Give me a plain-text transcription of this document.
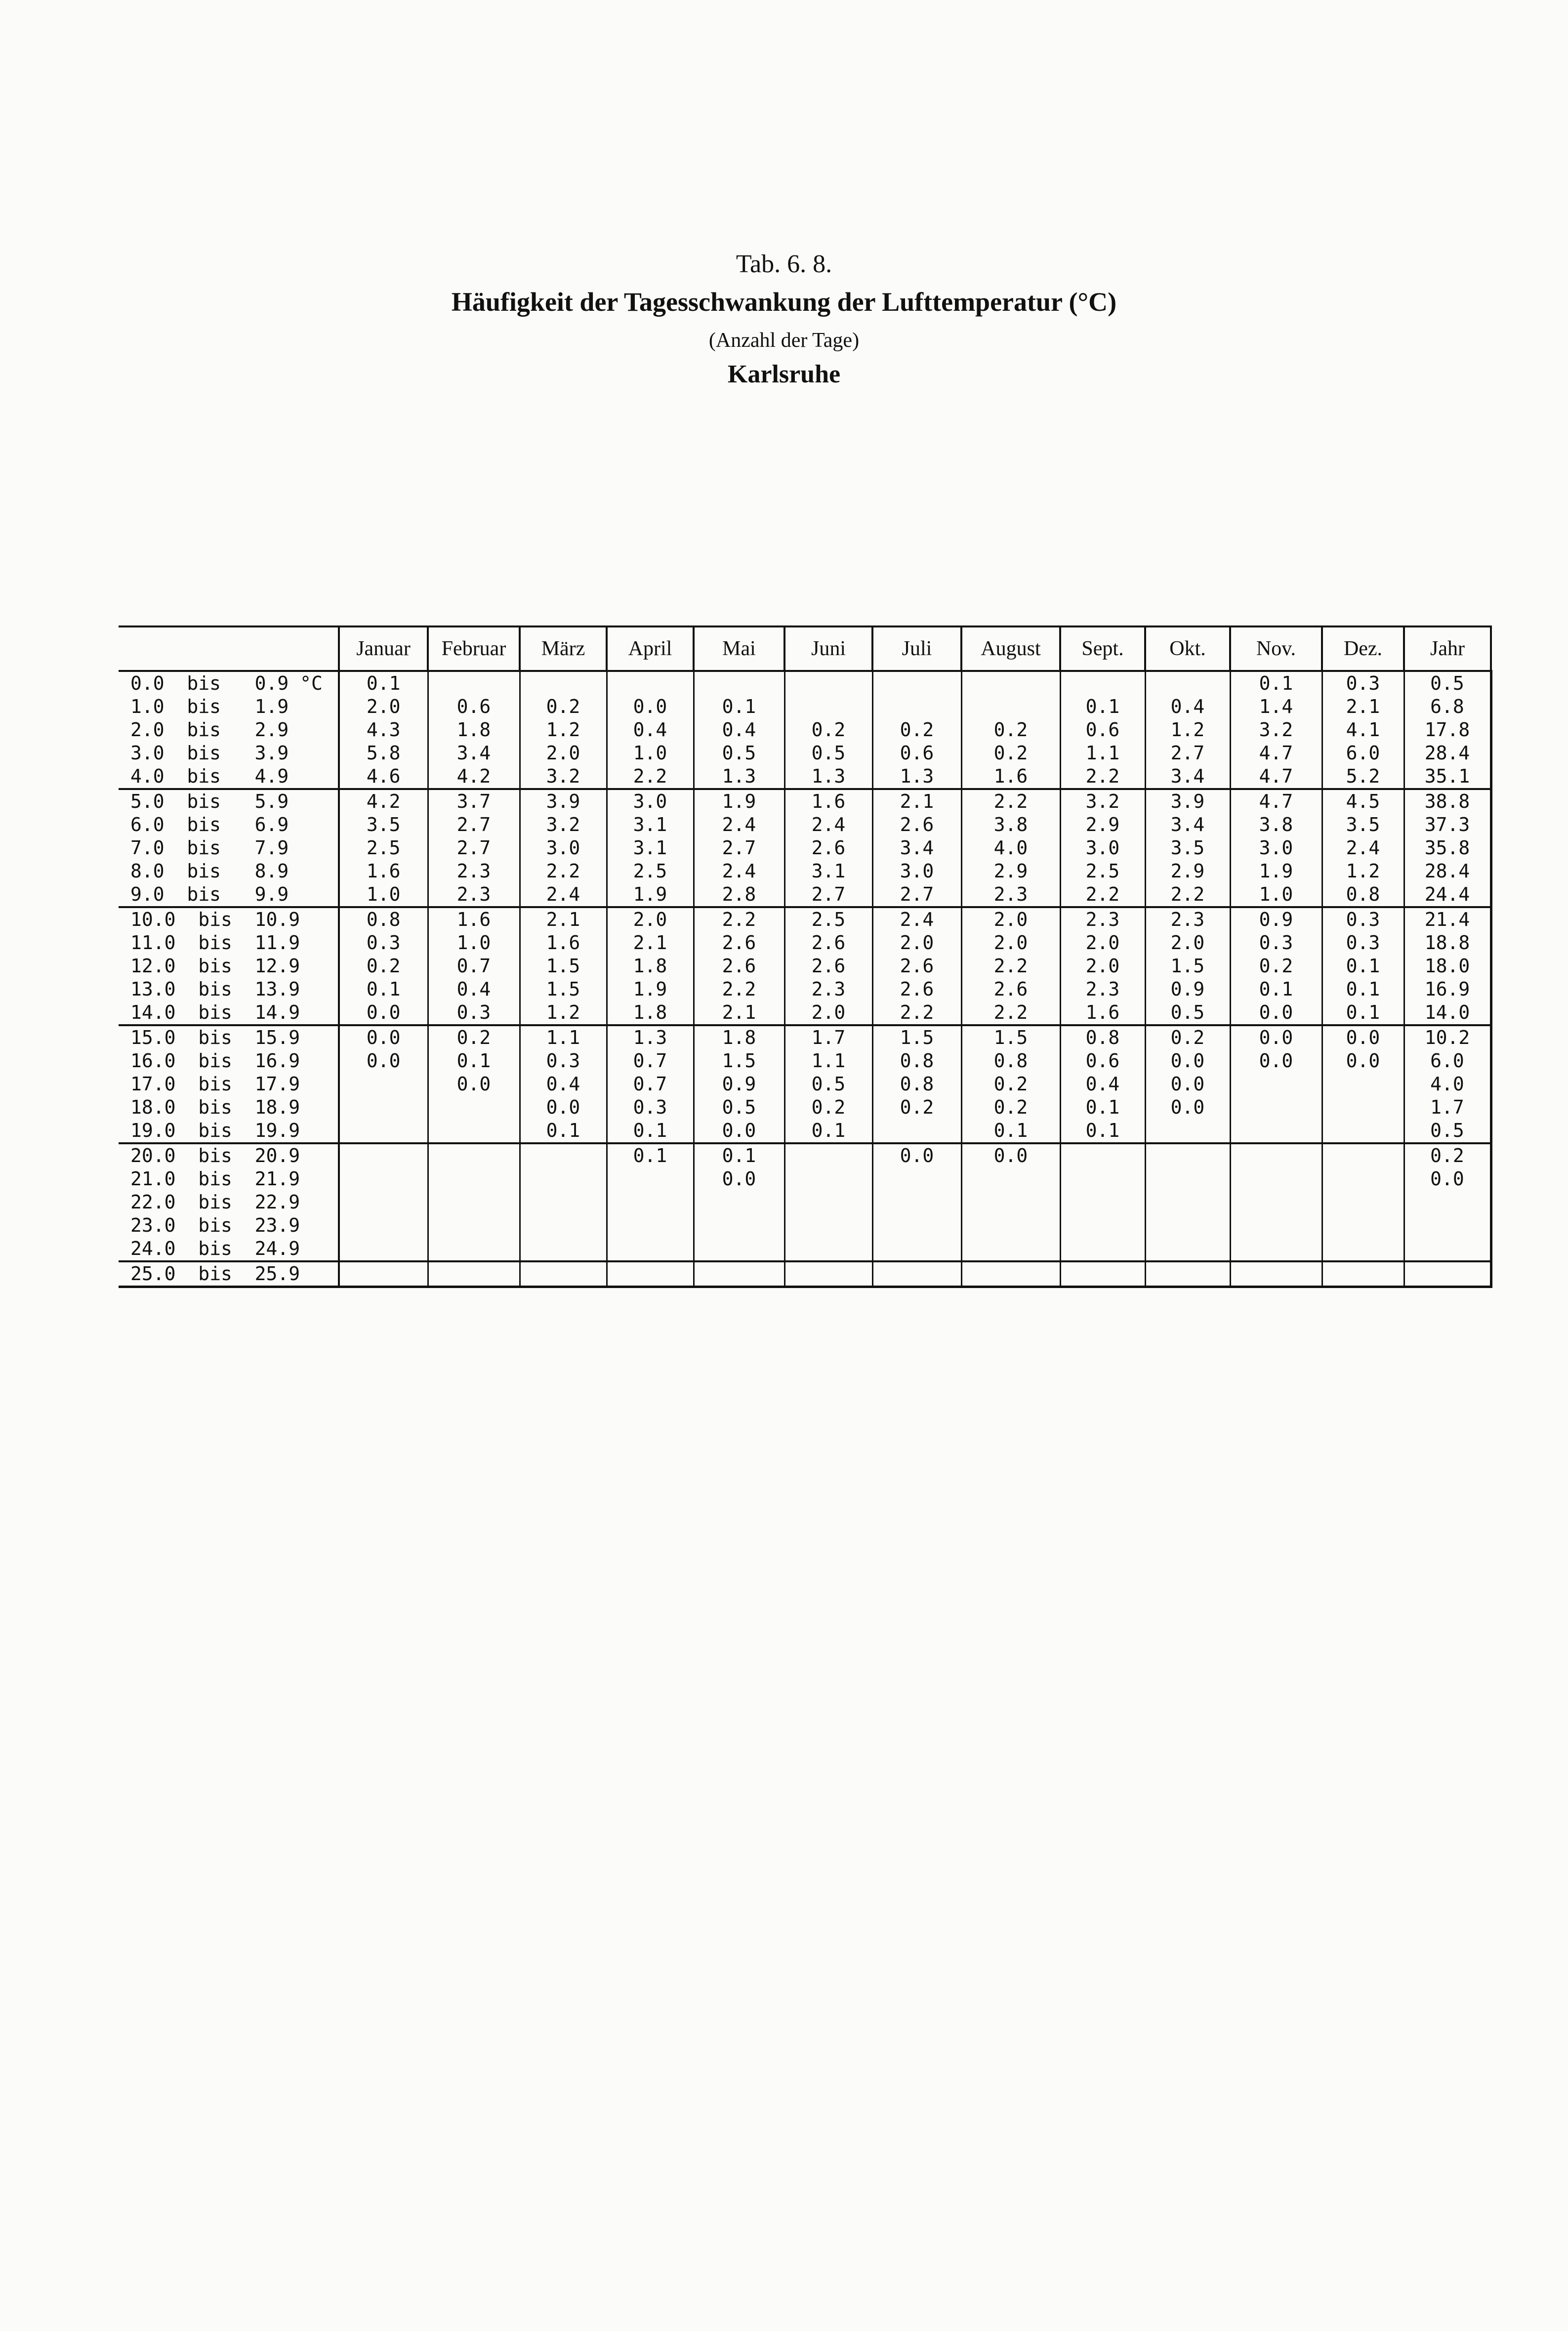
Tab. 6. 8.
Häufigkeit der Tagesschwankung der Lufttemperatur (°C)
(Anzahl der Tage)
Karlsruhe
	Januar	Februar	März	April	Mai	Juni	Juli	August	Sept.	Okt.	Nov.	Dez.	Jahr
0.0  bis   0.9 °C	0.1										0.1	0.3	0.5
1.0  bis   1.9	2.0	0.6	0.2	0.0	0.1				0.1	0.4	1.4	2.1	6.8
2.0  bis   2.9	4.3	1.8	1.2	0.4	0.4	0.2	0.2	0.2	0.6	1.2	3.2	4.1	17.8
3.0  bis   3.9	5.8	3.4	2.0	1.0	0.5	0.5	0.6	0.2	1.1	2.7	4.7	6.0	28.4
4.0  bis   4.9	4.6	4.2	3.2	2.2	1.3	1.3	1.3	1.6	2.2	3.4	4.7	5.2	35.1
5.0  bis   5.9	4.2	3.7	3.9	3.0	1.9	1.6	2.1	2.2	3.2	3.9	4.7	4.5	38.8
6.0  bis   6.9	3.5	2.7	3.2	3.1	2.4	2.4	2.6	3.8	2.9	3.4	3.8	3.5	37.3
7.0  bis   7.9	2.5	2.7	3.0	3.1	2.7	2.6	3.4	4.0	3.0	3.5	3.0	2.4	35.8
8.0  bis   8.9	1.6	2.3	2.2	2.5	2.4	3.1	3.0	2.9	2.5	2.9	1.9	1.2	28.4
9.0  bis   9.9	1.0	2.3	2.4	1.9	2.8	2.7	2.7	2.3	2.2	2.2	1.0	0.8	24.4
10.0  bis  10.9	0.8	1.6	2.1	2.0	2.2	2.5	2.4	2.0	2.3	2.3	0.9	0.3	21.4
11.0  bis  11.9	0.3	1.0	1.6	2.1	2.6	2.6	2.0	2.0	2.0	2.0	0.3	0.3	18.8
12.0  bis  12.9	0.2	0.7	1.5	1.8	2.6	2.6	2.6	2.2	2.0	1.5	0.2	0.1	18.0
13.0  bis  13.9	0.1	0.4	1.5	1.9	2.2	2.3	2.6	2.6	2.3	0.9	0.1	0.1	16.9
14.0  bis  14.9	0.0	0.3	1.2	1.8	2.1	2.0	2.2	2.2	1.6	0.5	0.0	0.1	14.0
15.0  bis  15.9	0.0	0.2	1.1	1.3	1.8	1.7	1.5	1.5	0.8	0.2	0.0	0.0	10.2
16.0  bis  16.9	0.0	0.1	0.3	0.7	1.5	1.1	0.8	0.8	0.6	0.0	0.0	0.0	6.0
17.0  bis  17.9		0.0	0.4	0.7	0.9	0.5	0.8	0.2	0.4	0.0			4.0
18.0  bis  18.9			0.0	0.3	0.5	0.2	0.2	0.2	0.1	0.0			1.7
19.0  bis  19.9			0.1	0.1	0.0	0.1		0.1	0.1				0.5
20.0  bis  20.9				0.1	0.1		0.0	0.0					0.2
21.0  bis  21.9					0.0								0.0
22.0  bis  22.9													
23.0  bis  23.9													
24.0  bis  24.9													
25.0  bis  25.9													
